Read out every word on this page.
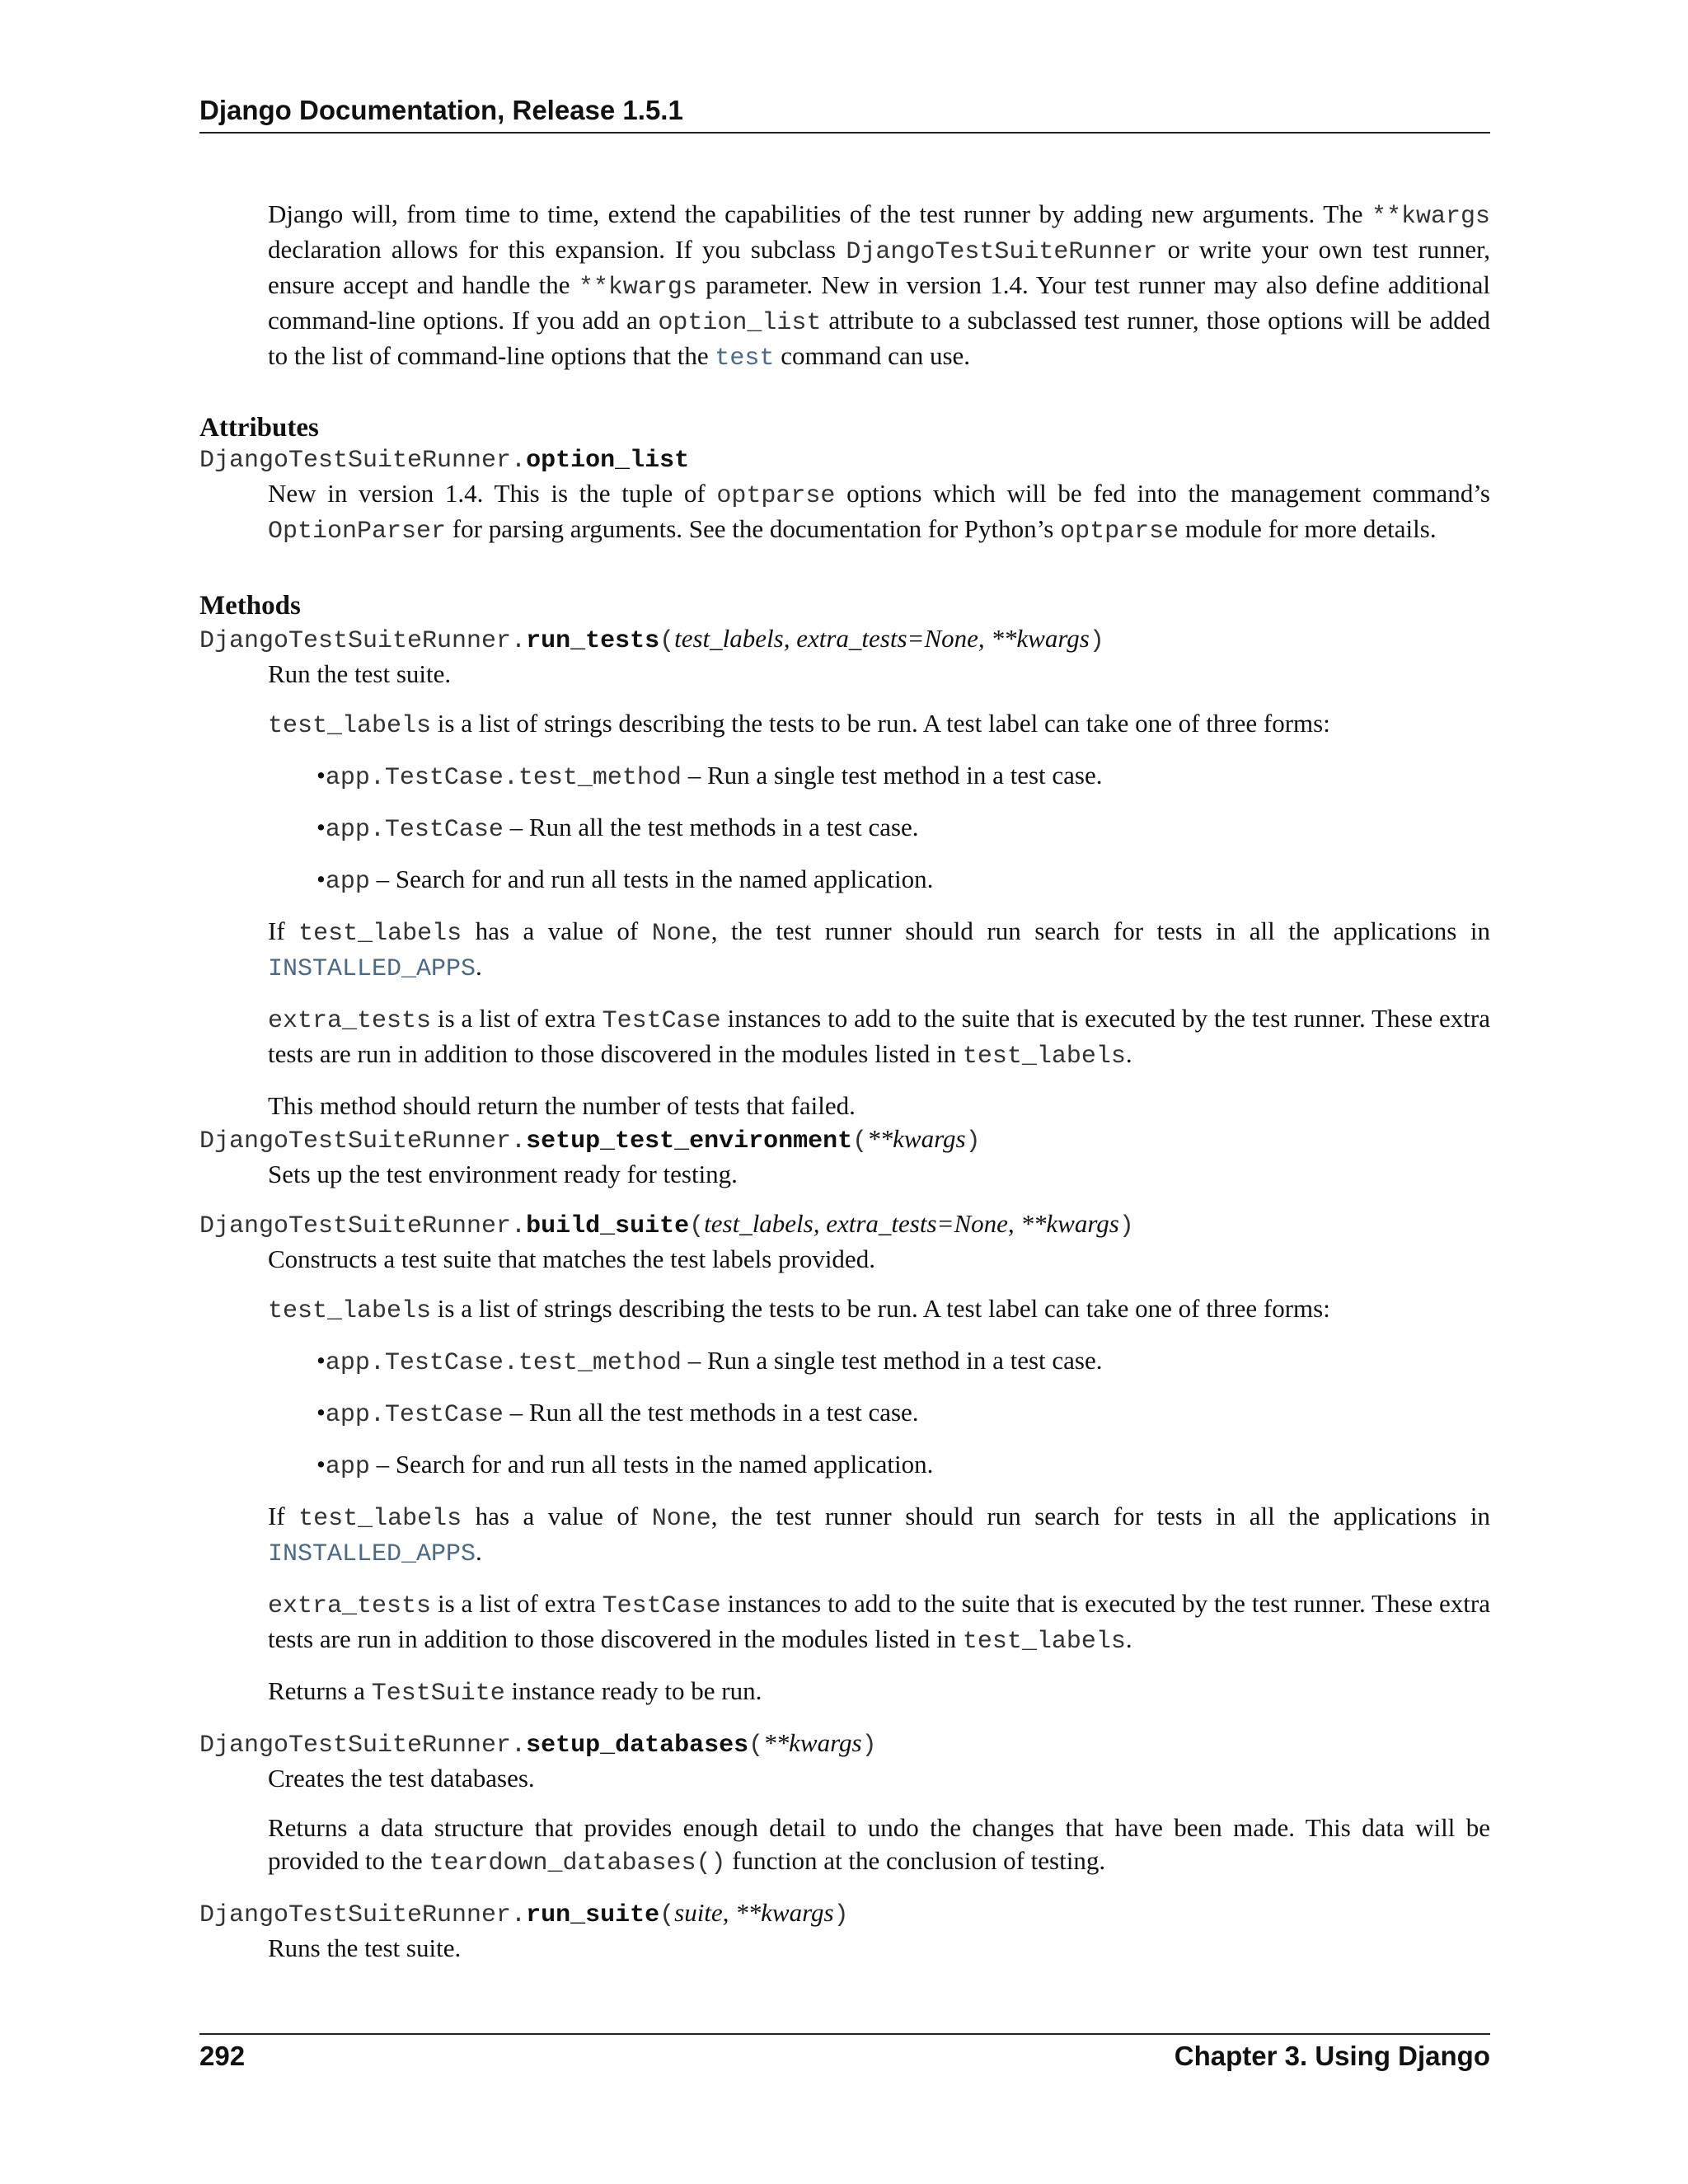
Django Documentation, Release 1.5.1

Django will, from time to time, extend the capabilities of the test runner by adding new arguments. The **kwargs declaration allows for this expansion. If you subclass DjangoTestSuiteRunner or write your own test runner, ensure accept and handle the **kwargs parameter. New in version 1.4. Your test runner may also define additional command-line options. If you add an option_list attribute to a subclassed test runner, those options will be added to the list of command-line options that the test command can use.

Attributes
DjangoTestSuiteRunner.option_list

New in version 1.4. This is the tuple of optparse options which will be fed into the management command’s OptionParser for parsing arguments. See the documentation for Python’s optparse module for more details.

Methods
DjangoTestSuiteRunner.run_tests(test_labels, extra_tests=None, **kwargs)

Run the test suite.

test_labels is a list of strings describing the tests to be run. A test label can take one of three forms:

•app.TestCase.test_method – Run a single test method in a test case.

•app.TestCase – Run all the test methods in a test case.

•app – Search for and run all tests in the named application.

If test_labels has a value of None, the test runner should run search for tests in all the applications in INSTALLED_APPS.

extra_tests is a list of extra TestCase instances to add to the suite that is executed by the test runner. These extra tests are run in addition to those discovered in the modules listed in test_labels.

This method should return the number of tests that failed.

DjangoTestSuiteRunner.setup_test_environment(**kwargs)

Sets up the test environment ready for testing.

DjangoTestSuiteRunner.build_suite(test_labels, extra_tests=None, **kwargs)

Constructs a test suite that matches the test labels provided.

test_labels is a list of strings describing the tests to be run. A test label can take one of three forms:

•app.TestCase.test_method – Run a single test method in a test case.

•app.TestCase – Run all the test methods in a test case.

•app – Search for and run all tests in the named application.

If test_labels has a value of None, the test runner should run search for tests in all the applications in INSTALLED_APPS.

extra_tests is a list of extra TestCase instances to add to the suite that is executed by the test runner. These extra tests are run in addition to those discovered in the modules listed in test_labels.

Returns a TestSuite instance ready to be run.

DjangoTestSuiteRunner.setup_databases(**kwargs)

Creates the test databases.

Returns a data structure that provides enough detail to undo the changes that have been made. This data will be provided to the teardown_databases() function at the conclusion of testing.

DjangoTestSuiteRunner.run_suite(suite, **kwargs)

Runs the test suite.

292	Chapter 3. Using Django
